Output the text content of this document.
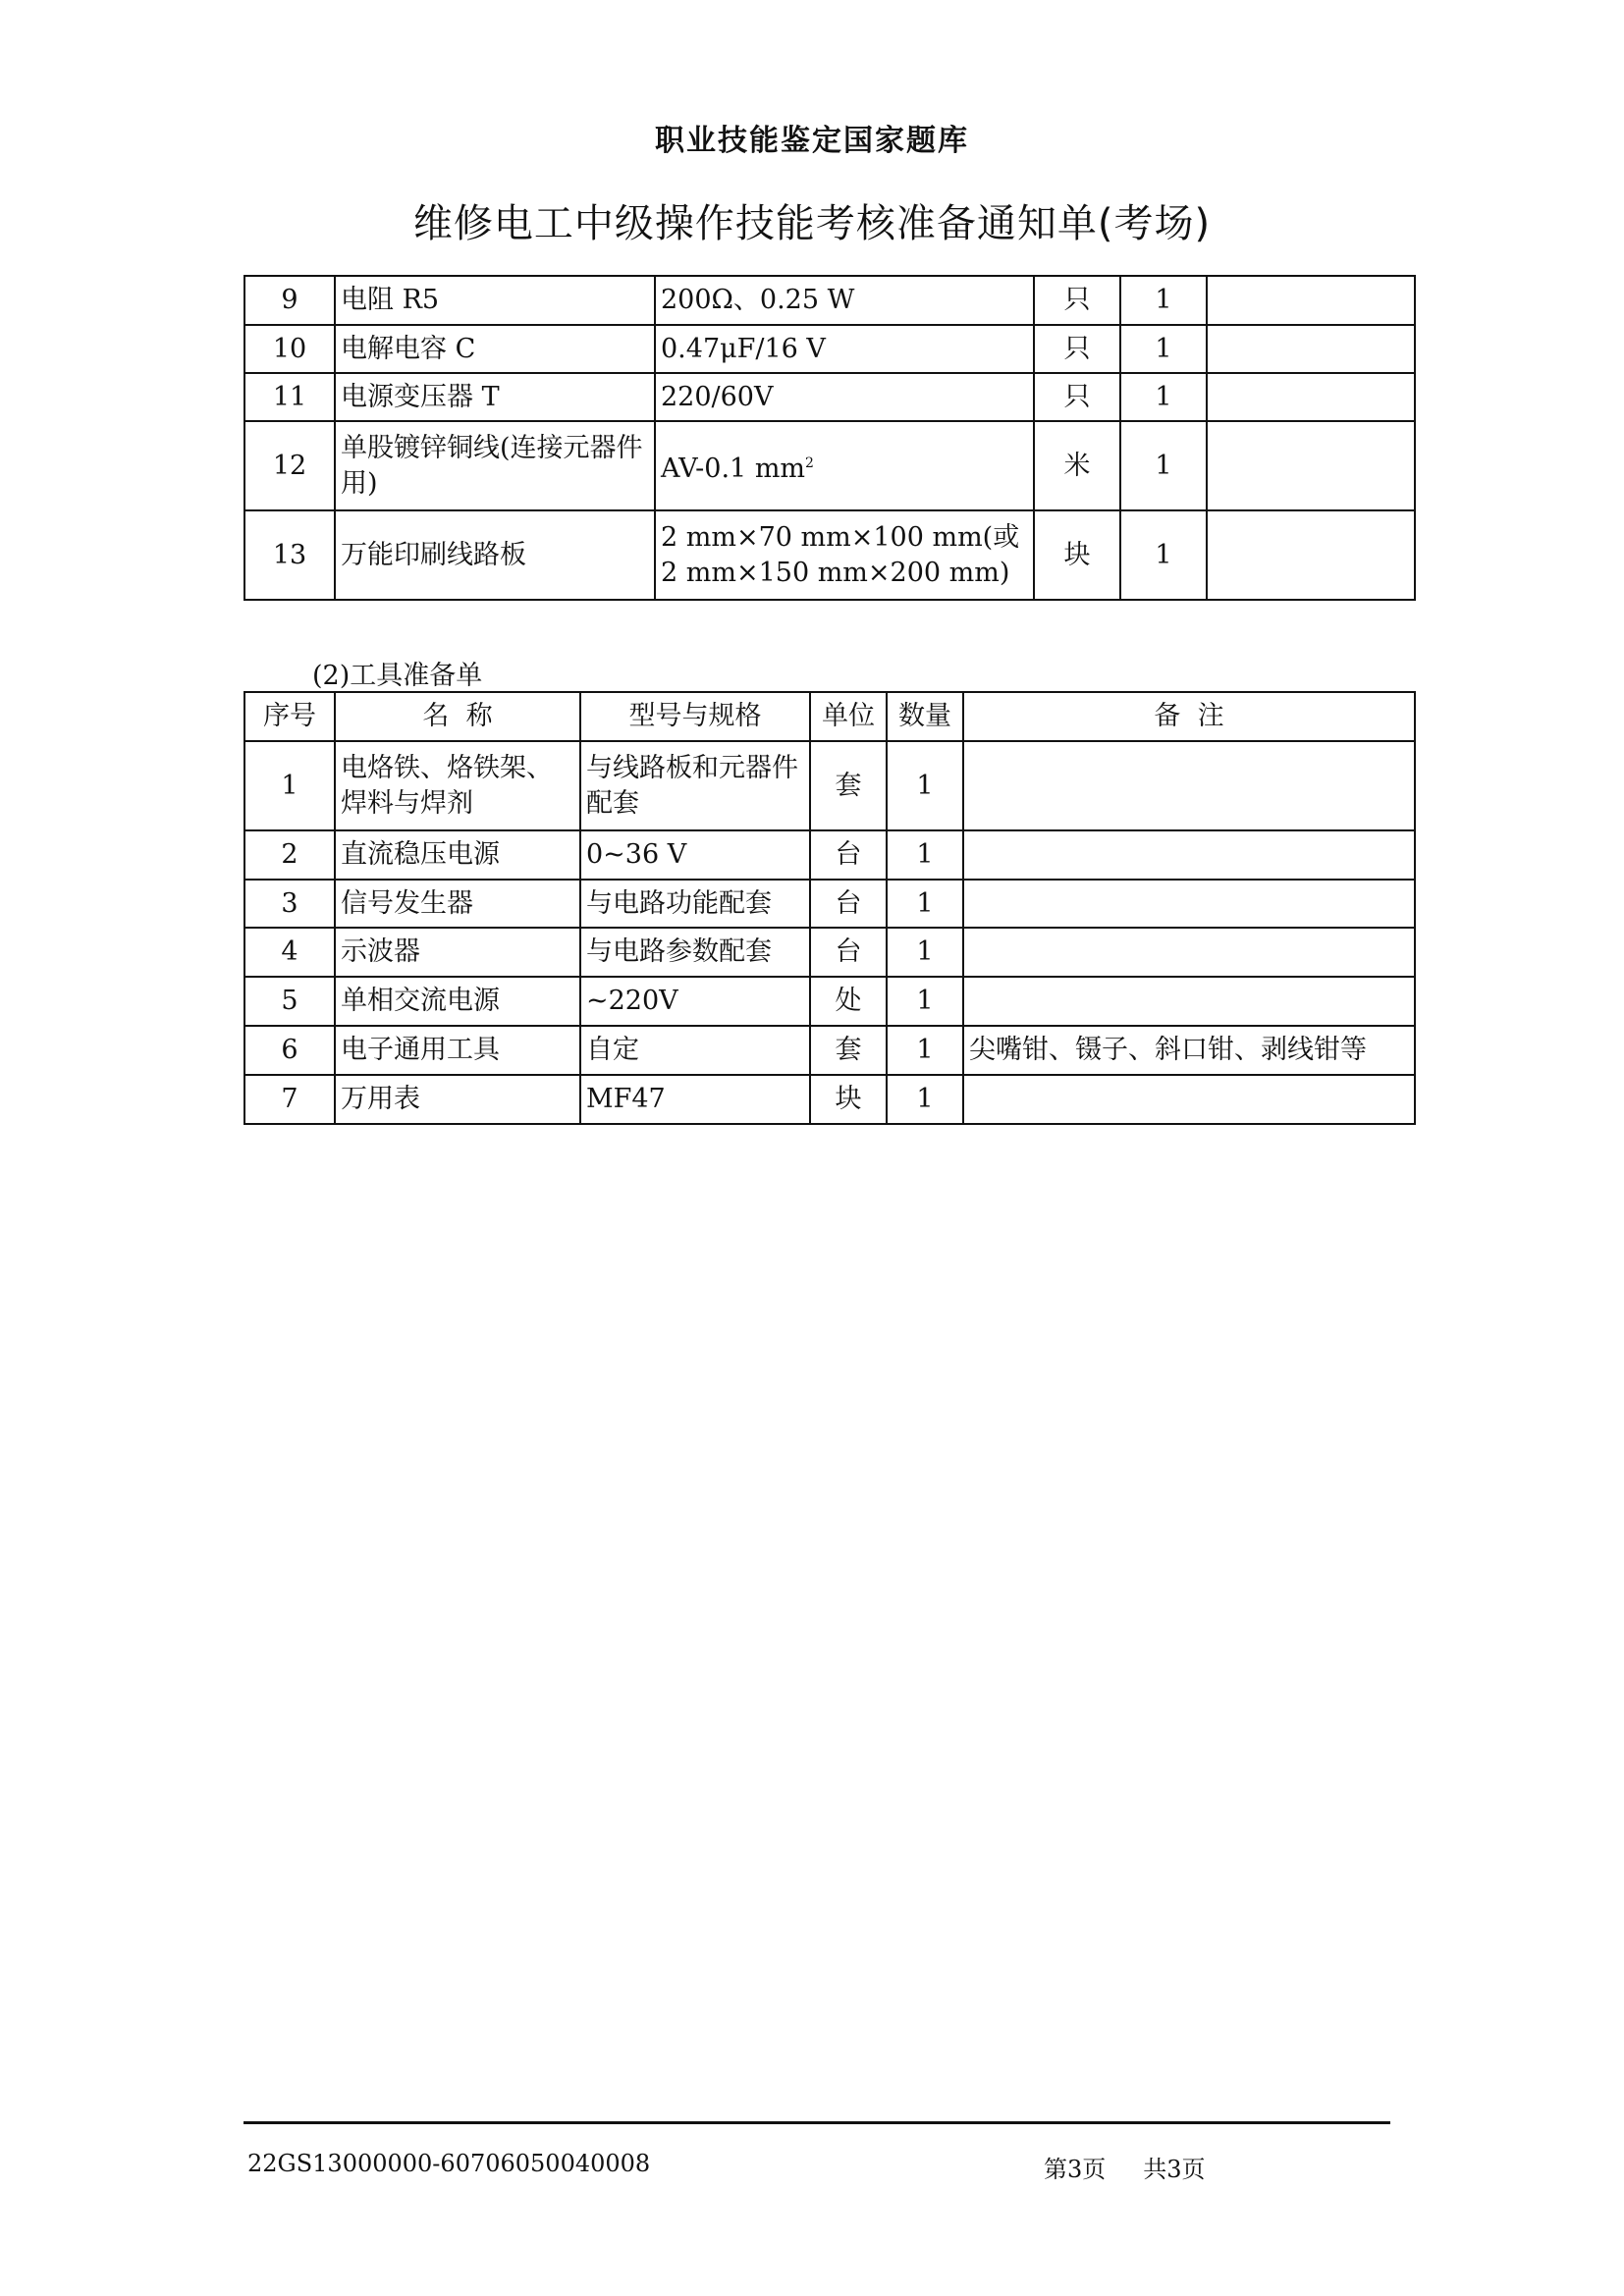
职业技能鉴定国家题库
维修电工中级操作技能考核准备通知单(考场)
9	电阻 R5	200Ω、0.25 W	只	1	
10	电解电容 C	0.47μF/16 V	只	1	
11	电源变压器 T	220/60V	只	1	
12	单股镀锌铜线(连接元器件用)	AV-0.1 $mm^2$	米	1	
13	万能印刷线路板	2 mm×70 mm×100 mm(或 2 mm×150 mm×200 mm)	块	1	
(2)工具准备单
序号	名  称	型号与规格	单位	数量	备  注
1	电烙铁、烙铁架、焊料与焊剂	与线路板和元器件配套	套	1	
2	直流稳压电源	0~36 V	台	1	
3	信号发生器	与电路功能配套	台	1	
4	示波器	与电路参数配套	台	1	
5	单相交流电源	~220V	处	1	
6	电子通用工具	自定	套	1	尖嘴钳、镊子、斜口钳、剥线钳等
7	万用表	MF47	块	1	
22GS13000000-60706050040008	第3页 共3页
